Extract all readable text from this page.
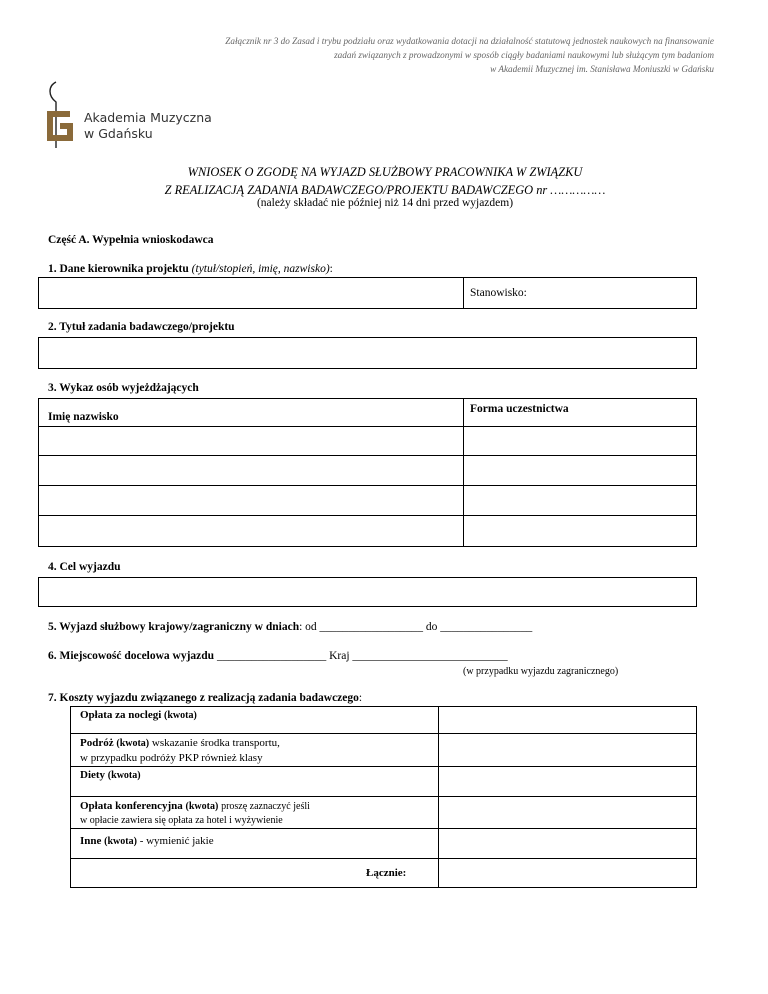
Załącznik nr 3 do Zasad i trybu podziału oraz wydatkowania dotacji na działalność statutową jednostek naukowych na finansowanie
zadań związanych z prowadzonymi w sposób ciągły badaniami naukowymi lub służącym tym badaniom
w Akademii Muzycznej im. Stanisława Moniuszki w Gdańsku
Akademia Muzyczna
w Gdańsku
WNIOSEK O ZGODĘ NA WYJAZD SŁUŻBOWY PRACOWNIKA W ZWIĄZKU
Z REALIZACJĄ ZADANIA BADAWCZEGO/PROJEKTU BADAWCZEGO nr ……………
(należy składać nie później niż 14 dni przed wyjazdem)
Część A. Wypełnia wnioskodawca
1. Dane kierownika projektu (tytuł/stopień, imię, nazwisko):
Stanowisko:
2. Tytuł zadania badawczego/projektu
3. Wykaz osób wyjeżdżających
Imię nazwisko
Forma uczestnictwa
4. Cel wyjazdu
5. Wyjazd służbowy krajowy/zagraniczny w dniach: od __________________ do ________________
6. Miejscowość docelowa wyjazdu ___________________ Kraj ___________________________
(w przypadku wyjazdu zagranicznego)
7. Koszty wyjazdu związanego z realizacją zadania badawczego:
Opłata za noclegi (kwota)
Podróż (kwota) wskazanie środka transportu,
w przypadku podróży PKP również klasy
Diety (kwota)
Opłata konferencyjna (kwota) proszę zaznaczyć jeśli
w opłacie zawiera się opłata za hotel i wyżywienie
Inne (kwota) - wymienić jakie
Łącznie:
